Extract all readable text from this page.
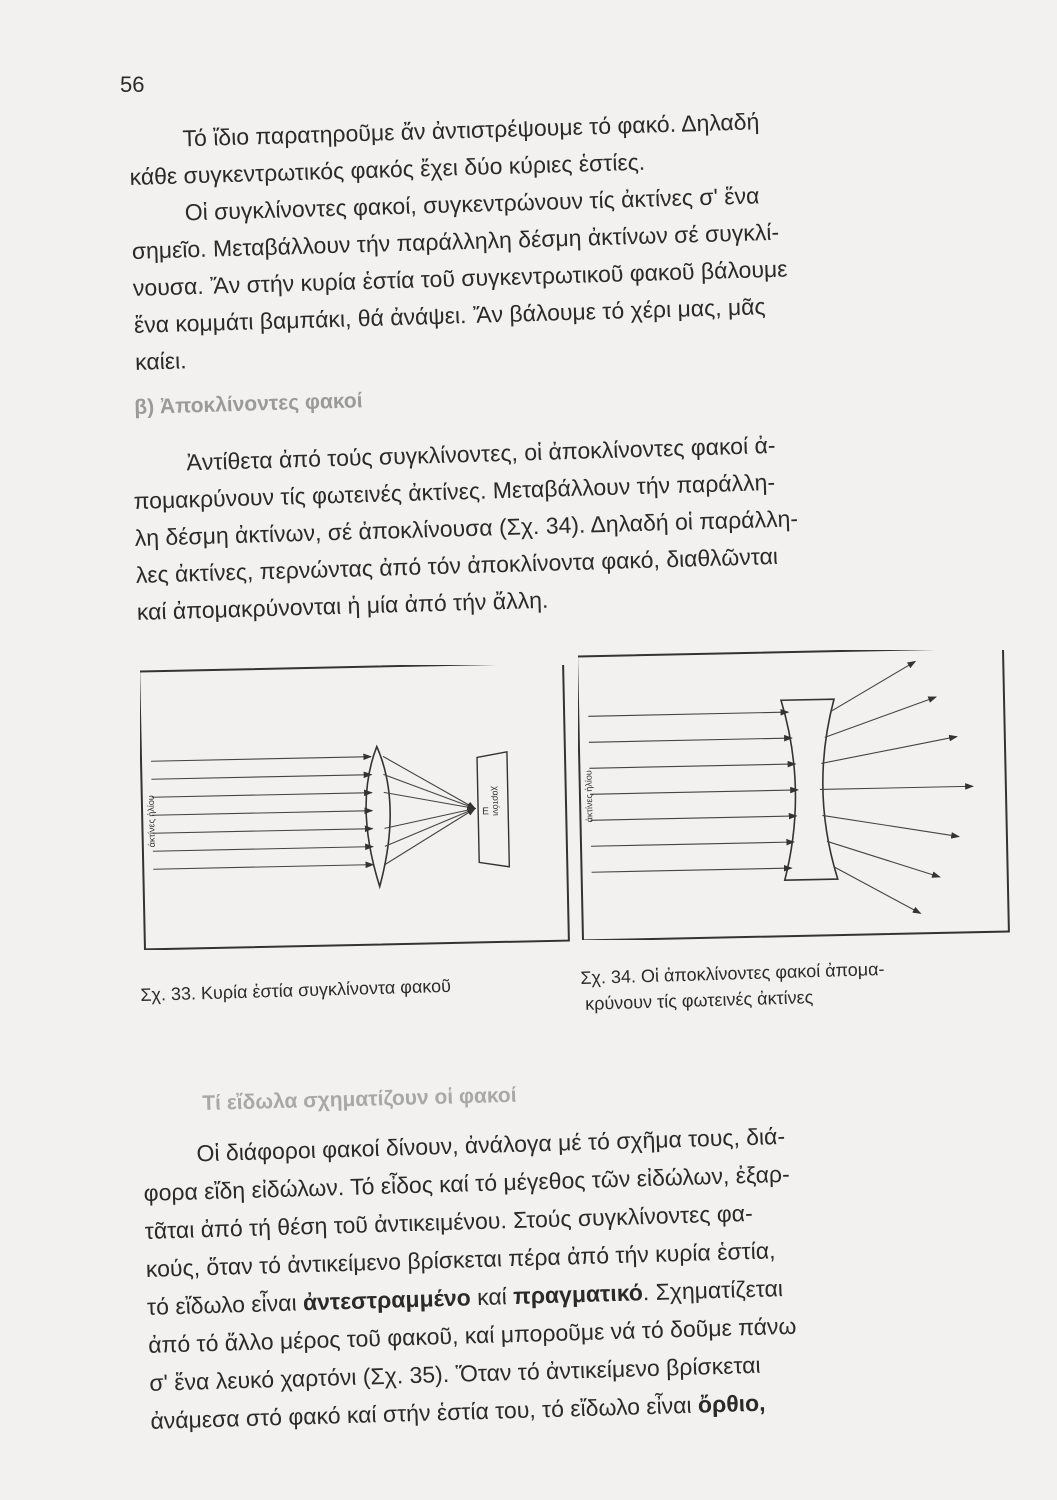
56

Τό ἴδιο παρατηροῦμε ἄν ἀντιστρέψουμε τό φακό. Δηλαδή
κάθε συγκεντρωτικός φακός ἔχει δύο κύριες ἑστίες.
Οἱ συγκλίνοντες φακοί, συγκεντρώνουν τίς ἀκτίνες σ' ἕνα
σημεῖο. Μεταβάλλουν τήν παράλληλη δέσμη ἀκτίνων σέ συγκλί-
νουσα. Ἄν στήν κυρία ἑστία τοῦ συγκεντρωτικοῦ φακοῦ βάλουμε
ἕνα κομμάτι βαμπάκι, θά ἀνάψει. Ἄν βάλουμε τό χέρι μας, μᾶς
καίει.

β) Ἀποκλίνοντες φακοί

Ἀντίθετα ἀπό τούς συγκλίνοντες, οἱ ἀποκλίνοντες φακοί ἀ-
πομακρύνουν τίς φωτεινές ἀκτίνες. Μεταβάλλουν τήν παράλλη-
λη δέσμη ἀκτίνων, σέ ἀποκλίνουσα (Σχ. 34). Δηλαδή οἱ παράλλη-
λες ἀκτίνες, περνώντας ἀπό τόν ἀποκλίνοντα φακό, διαθλῶνται
καί ἀπομακρύνονται ἡ μία ἀπό τήν ἄλλη.

χαρτόνι
Ε
ἀκτίνες ἡλίου	ἀκτίνες ἡλίου
Σχ. 33. Κυρία ἑστία συγκλίνοντα φακοῦ
Σχ. 34. Οἱ ἀποκλίνοντες φακοί ἀπομα-
κρύνουν τίς φωτεινές ἀκτίνες
Τί εἴδωλα σχηματίζουν οἱ φακοί

Οἱ διάφοροι φακοί δίνουν, ἀνάλογα μέ τό σχῆμα τους, διά-
φορα εἴδη εἰδώλων. Τό εἶδος καί τό μέγεθος τῶν εἰδώλων, ἐξαρ-
τᾶται ἀπό τή θέση τοῦ ἀντικειμένου. Στούς συγκλίνοντες φα-
κούς, ὅταν τό ἀντικείμενο βρίσκεται πέρα ἀπό τήν κυρία ἑστία,
τό εἴδωλο εἶναι ἀντεστραμμένο καί πραγματικό. Σχηματίζεται
ἀπό τό ἄλλο μέρος τοῦ φακοῦ, καί μποροῦμε νά τό δοῦμε πάνω
σ' ἕνα λευκό χαρτόνι (Σχ. 35). Ὅταν τό ἀντικείμενο βρίσκεται
ἀνάμεσα στό φακό καί στήν ἑστία του, τό εἴδωλο εἶναι ὄρθιο,
